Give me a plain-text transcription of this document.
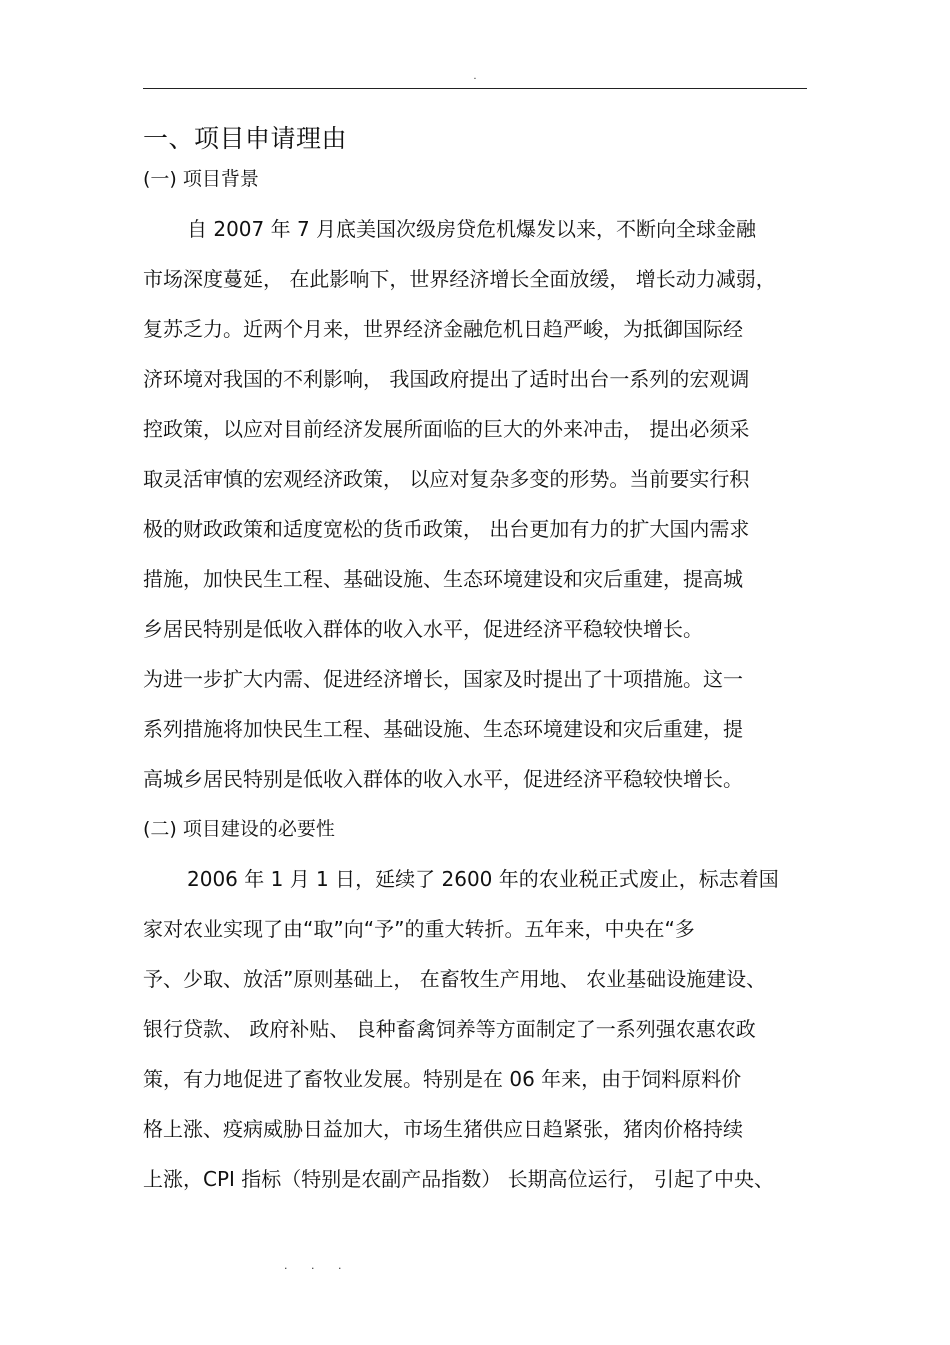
.
一、项目申请理由
(一) 项目背景
自 2007 年 7 月底美国次级房贷危机爆发以来，不断向全球金融
市场深度蔓延， 在此影响下，世界经济增长全面放缓， 增长动力减弱，
复苏乏力。近两个月来，世界经济金融危机日趋严峻，为抵御国际经
济环境对我国的不利影响， 我国政府提出了适时出台一系列的宏观调
控政策，以应对目前经济发展所面临的巨大的外来冲击， 提出必须采
取灵活审慎的宏观经济政策， 以应对复杂多变的形势。当前要实行积
极的财政政策和适度宽松的货币政策， 出台更加有力的扩大国内需求
措施，加快民生工程、基础设施、生态环境建设和灾后重建，提高城
乡居民特别是低收入群体的收入水平，促进经济平稳较快增长。
为进一步扩大内需、促进经济增长，国家及时提出了十项措施。这一
系列措施将加快民生工程、基础设施、生态环境建设和灾后重建，提
高城乡居民特别是低收入群体的收入水平，促进经济平稳较快增长。
(二) 项目建设的必要性
2006 年 1 月 1 日，延续了 2600 年的农业税正式废止，标志着国
家对农业实现了由“取”向“予”的重大转折。五年来，中央在“多
予、少取、放活”原则基础上， 在畜牧生产用地、 农业基础设施建设、
银行贷款、 政府补贴、 良种畜禽饲养等方面制定了一系列强农惠农政
策，有力地促进了畜牧业发展。特别是在 06 年来，由于饲料原料价
格上涨、疫病威胁日益加大，市场生猪供应日趋紧张，猪肉价格持续
上涨，CPI 指标（特别是农副产品指数） 长期高位运行， 引起了中央、
. . .
